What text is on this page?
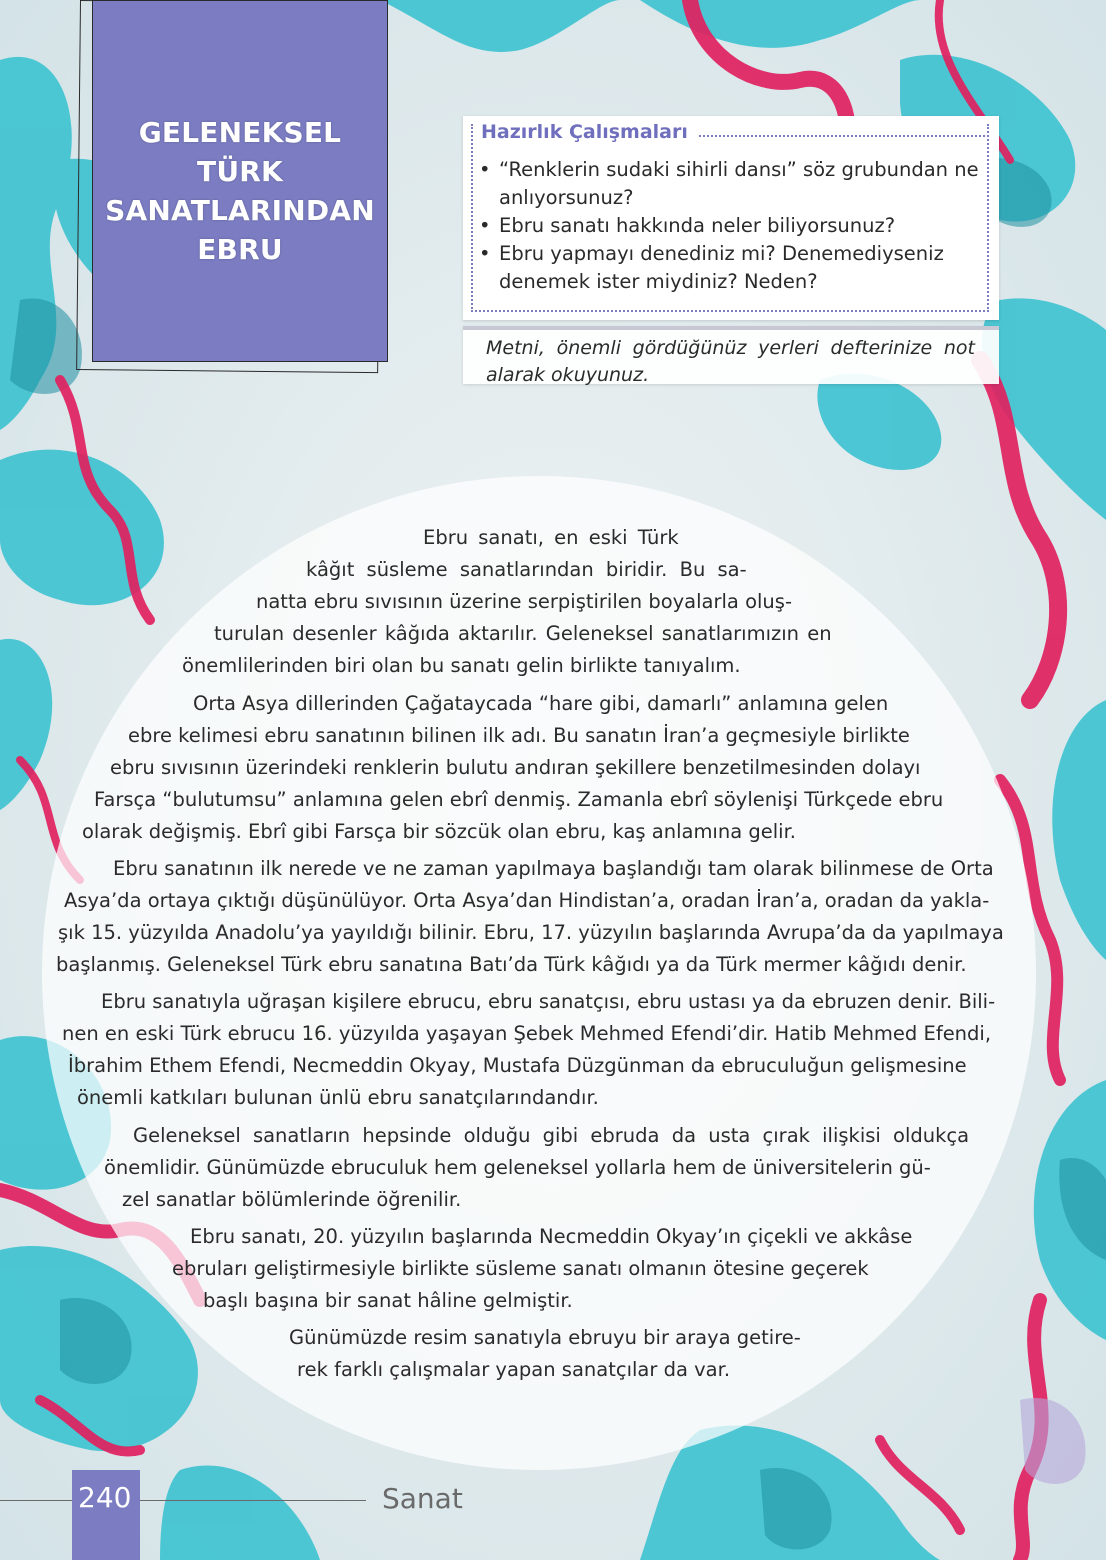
GELENEKSEL
TÜRK
SANATLARINDAN
EBRU
Hazırlık Çalışmaları
• “Renklerin sudaki sihirli dansı” söz grubundan ne anlıyorsunuz?
• Ebru sanatı hakkında neler biliyorsunuz?
• Ebru yapmayı denediniz mi? Denemediyseniz denemek ister miydiniz? Neden?
Metni, önemli gördüğünüz yerleri defterinize not alarak okuyunuz.
Ebru sanatı, en eski Türk
kâğıt süsleme sanatlarından biridir. Bu sa-
natta ebru sıvısının üzerine serpiştirilen boyalarla oluş-
turulan desenler kâğıda aktarılır. Geleneksel sanatlarımızın en
önemlilerinden biri olan bu sanatı gelin birlikte tanıyalım.
Orta Asya dillerinden Çağataycada “hare gibi, damarlı” anlamına gelen
ebre kelimesi ebru sanatının bilinen ilk adı. Bu sanatın İran’a geçmesiyle birlikte
ebru sıvısının üzerindeki renklerin bulutu andıran şekillere benzetilmesinden dolayı
Farsça “bulutumsu” anlamına gelen ebrî denmiş. Zamanla ebrî söylenişi Türkçede ebru
olarak değişmiş. Ebrî gibi Farsça bir sözcük olan ebru, kaş anlamına gelir.
Ebru sanatının ilk nerede ve ne zaman yapılmaya başlandığı tam olarak bilinmese de Orta
Asya’da ortaya çıktığı düşünülüyor. Orta Asya’dan Hindistan’a, oradan İran’a, oradan da yakla-
şık 15. yüzyılda Anadolu’ya yayıldığı bilinir. Ebru, 17. yüzyılın başlarında Avrupa’da da yapılmaya
başlanmış. Geleneksel Türk ebru sanatına Batı’da Türk kâğıdı ya da Türk mermer kâğıdı denir.
Ebru sanatıyla uğraşan kişilere ebrucu, ebru sanatçısı, ebru ustası ya da ebruzen denir. Bili-
nen en eski Türk ebrucu 16. yüzyılda yaşayan Şebek Mehmed Efendi’dir. Hatib Mehmed Efendi,
İbrahim Ethem Efendi, Necmeddin Okyay, Mustafa Düzgünman da ebruculuğun gelişmesine
önemli katkıları bulunan ünlü ebru sanatçılarındandır.
Geleneksel sanatların hepsinde olduğu gibi ebruda da usta çırak ilişkisi oldukça
önemlidir. Günümüzde ebruculuk hem geleneksel yollarla hem de üniversitelerin gü-
zel sanatlar bölümlerinde öğrenilir.
Ebru sanatı, 20. yüzyılın başlarında Necmeddin Okyay’ın çiçekli ve akkâse
ebruları geliştirmesiyle birlikte süsleme sanatı olmanın ötesine geçerek
başlı başına bir sanat hâline gelmiştir.
Günümüzde resim sanatıyla ebruyu bir araya getire-
rek farklı çalışmalar yapan sanatçılar da var.
240	Sanat
